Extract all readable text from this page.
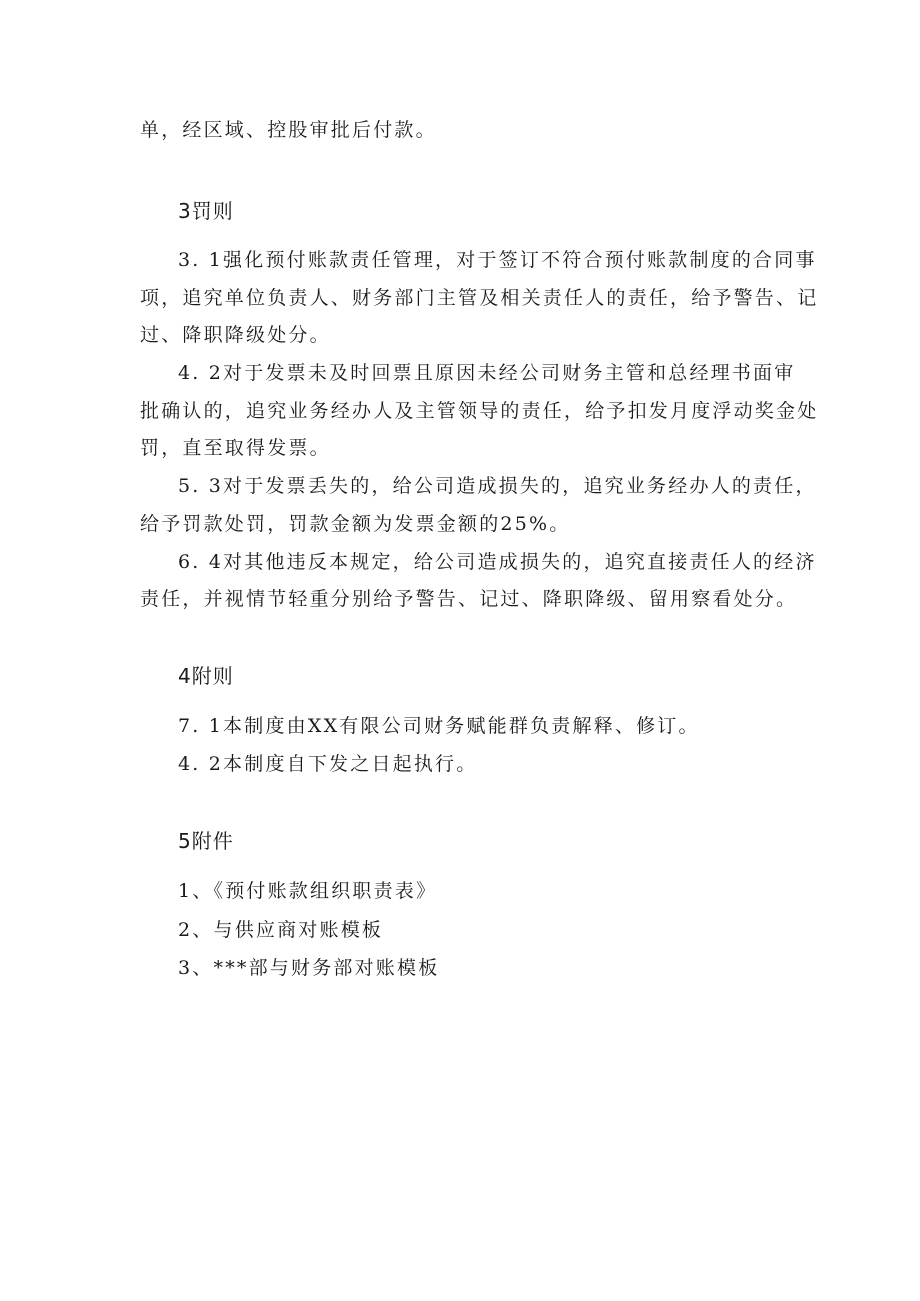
单，经区域、控股审批后付款。
3罚则
3. 1强化预付账款责任管理，对于签订不符合预付账款制度的合同事
项，追究单位负责人、财务部门主管及相关责任人的责任，给予警告、记
过、降职降级处分。
4. 2对于发票未及时回票且原因未经公司财务主管和总经理书面审
批确认的，追究业务经办人及主管领导的责任，给予扣发月度浮动奖金处
罚，直至取得发票。
5. 3对于发票丢失的，给公司造成损失的，追究业务经办人的责任，
给予罚款处罚，罚款金额为发票金额的25%。
6. 4对其他违反本规定，给公司造成损失的，追究直接责任人的经济
责任，并视情节轻重分别给予警告、记过、降职降级、留用察看处分。
4附则
7. 1本制度由XX有限公司财务赋能群负责解释、修订。
4. 2本制度自下发之日起执行。
5附件
1、《预付账款组织职责表》
2、与供应商对账模板
3、***部与财务部对账模板
